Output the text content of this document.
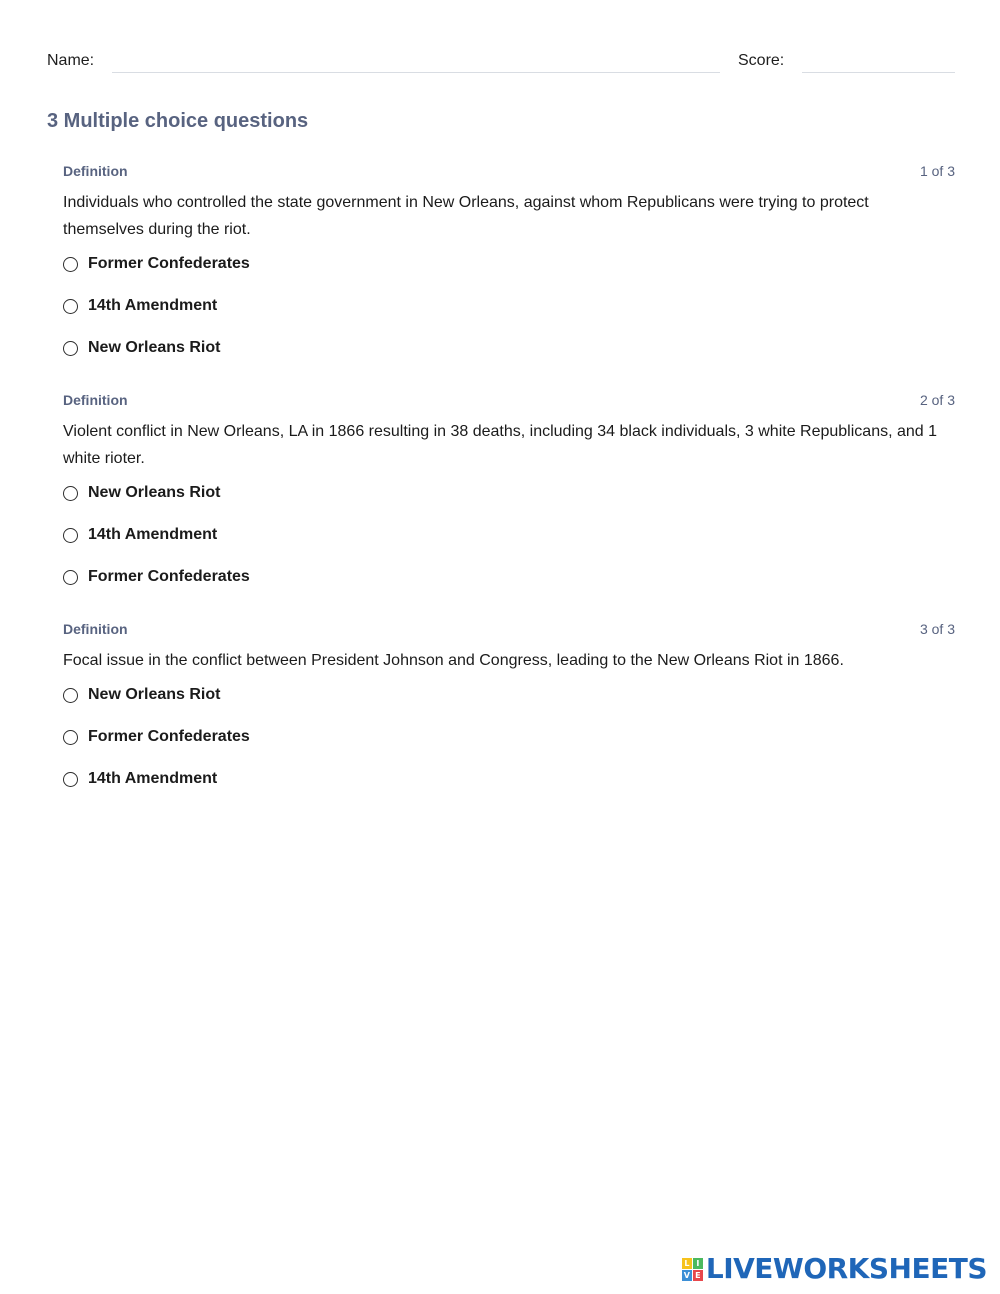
Name:	Score:
3 Multiple choice questions
Definition	1 of 3

Individuals who controlled the state government in New Orleans, against whom Republicans were trying to protect themselves during the riot.

Former Confederates
14th Amendment
New Orleans Riot
Definition	2 of 3

Violent conflict in New Orleans, LA in 1866 resulting in 38 deaths, including 34 black individuals, 3 white Republicans, and 1 white rioter.

New Orleans Riot
14th Amendment
Former Confederates
Definition	3 of 3

Focal issue in the conflict between President Johnson and Congress, leading to the New Orleans Riot in 1866.

New Orleans Riot
Former Confederates
14th Amendment
L I
V E LIVEWORKSHEETS
